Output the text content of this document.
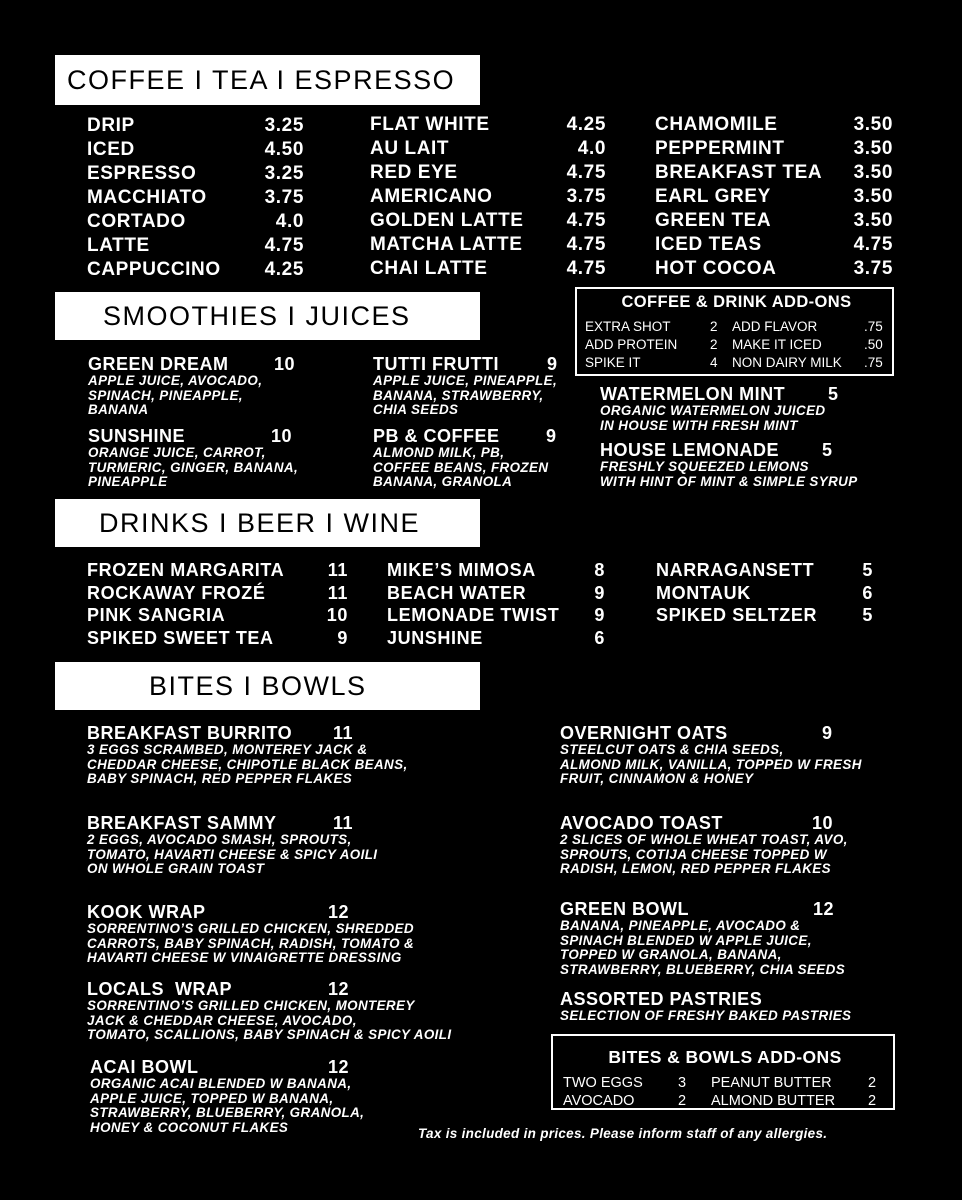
COFFEE I TEA I ESPRESSO
DRIP	3.25
ICED	4.50
ESPRESSO	3.25
MACCHIATO	3.75
CORTADO	4.0
LATTE	4.75
CAPPUCCINO 4.25
FLAT WHITE	4.25
AU LAIT	4.0
RED EYE	4.75
AMERICANO	3.75
GOLDEN LATTE 4.75
MATCHA LATTE 4.75
CHAI LATTE	4.75
CHAMOMILE	3.50
PEPPERMINT	3.50
BREAKFAST TEA 3.50
EARL GREY	3.50
GREEN TEA	3.50
ICED TEAS	4.75
HOT COCOA	3.75
SMOOTHIES I JUICES	COFFEE & DRINK ADD-ONS
EXTRA SHOT	2	ADD FLAVOR	.75
ADD PROTEIN	2	MAKE IT ICED	.50
SPIKE IT	4	NON DAIRY MILK	.75
GREEN DREAM	10
APPLE JUICE, AVOCADO,
SPINACH, PINEAPPLE,
BANANA
SUNSHINE	10
ORANGE JUICE, CARROT,
TURMERIC, GINGER, BANANA,
PINEAPPLE
TUTTI FRUTTI	9
APPLE JUICE, PINEAPPLE,
BANANA, STRAWBERRY,
CHIA SEEDS
PB & COFFEE	9
ALMOND MILK, PB,
COFFEE BEANS, FROZEN
BANANA, GRANOLA
WATERMELON MINT 5
ORGANIC WATERMELON JUICED
IN HOUSE WITH FRESH MINT
HOUSE LEMONADE 5
FRESHLY SQUEEZED LEMONS
WITH HINT OF MINT & SIMPLE SYRUP
DRINKS I BEER I WINE
FROZEN MARGARITA 11
ROCKAWAY FROZÉ	11
PINK SANGRIA	10
SPIKED SWEET TEA	9
MIKE’S MIMOSA	8
BEACH WATER	9
LEMONADE TWIST 9
JUNSHINE	6
NARRAGANSETT	5
MONTAUK	6
SPIKED SELTZER	5
BITES I BOWLS
BREAKFAST BURRITO 11
3 EGGS SCRAMBED, MONTEREY JACK &
CHEDDAR CHEESE, CHIPOTLE BLACK BEANS,
BABY SPINACH, RED PEPPER FLAKES
BREAKFAST SAMMY	11
2 EGGS, AVOCADO SMASH, SPROUTS,
TOMATO, HAVARTI CHEESE & SPICY AOILI
ON WHOLE GRAIN TOAST
KOOK WRAP	12
SORRENTINO’S GRILLED CHICKEN, SHREDDED
CARROTS, BABY SPINACH, RADISH, TOMATO &
HAVARTI CHEESE W VINAIGRETTE DRESSING
LOCALS  WRAP	12
SORRENTINO’S GRILLED CHICKEN, MONTEREY
JACK & CHEDDAR CHEESE, AVOCADO,
TOMATO, SCALLIONS, BABY SPINACH & SPICY AOILI
ACAI BOWL	12
ORGANIC ACAI BLENDED W BANANA,
APPLE JUICE, TOPPED W BANANA,
STRAWBERRY, BLUEBERRY, GRANOLA,
HONEY & COCONUT FLAKES
OVERNIGHT OATS	9
STEELCUT OATS & CHIA SEEDS,
ALMOND MILK, VANILLA, TOPPED W FRESH
FRUIT, CINNAMON & HONEY
AVOCADO TOAST	10
2 SLICES OF WHOLE WHEAT TOAST, AVO,
SPROUTS, COTIJA CHEESE TOPPED W
RADISH, LEMON, RED PEPPER FLAKES
GREEN BOWL	12
BANANA, PINEAPPLE, AVOCADO &
SPINACH BLENDED W APPLE JUICE,
TOPPED W GRANOLA, BANANA,
STRAWBERRY, BLUEBERRY, CHIA SEEDS
ASSORTED PASTRIES
SELECTION OF FRESHY BAKED PASTRIES
BITES & BOWLS ADD-ONS
TWO EGGS	3	PEANUT BUTTER	2
AVOCADO	2	ALMOND BUTTER	2
Tax is included in prices. Please inform staff of any allergies.
